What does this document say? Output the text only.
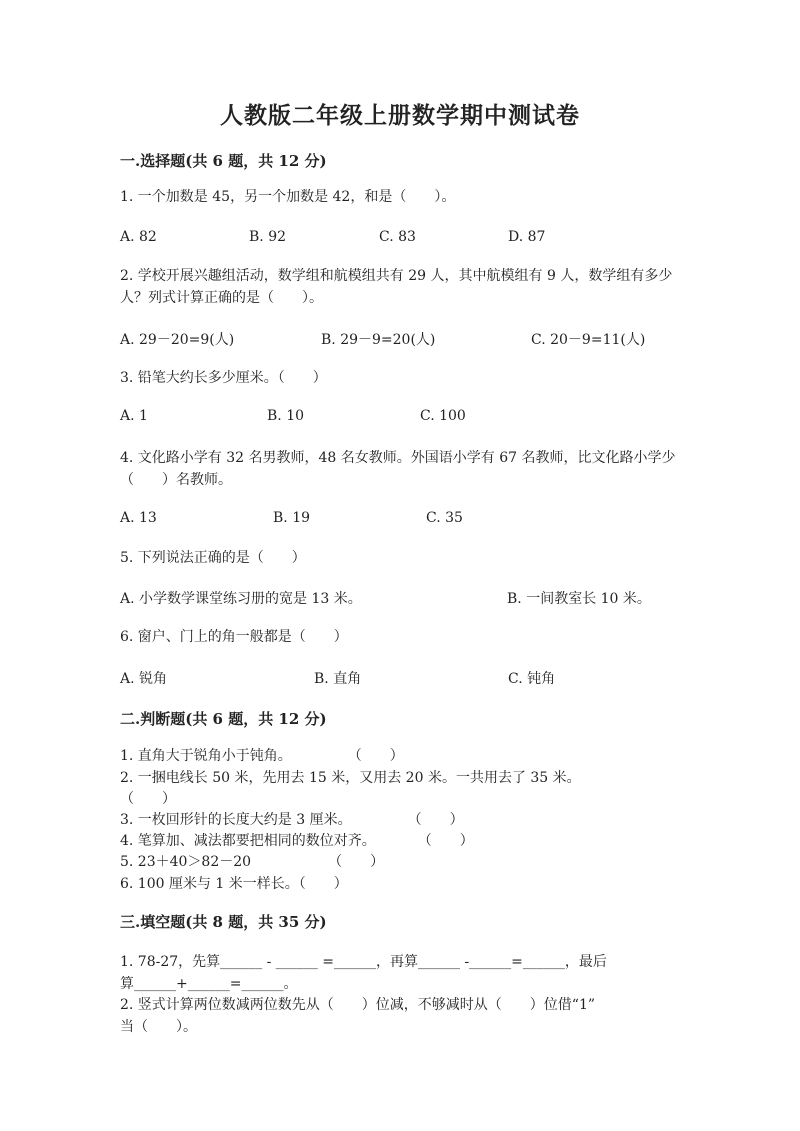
人教版二年级上册数学期中测试卷
一.选择题(共 6 题，共 12 分)
1. 一个加数是 45，另一个加数是 42，和是（　　）。
A. 82	B. 92	C. 83	D. 87
2. 学校开展兴趣组活动，数学组和航模组共有 29 人，其中航模组有 9 人，数学组有多少人？列式计算正确的是（　　）。
A. 29－20=9(人)	B. 29－9=20(人)	C. 20－9=11(人)
3. 铅笔大约长多少厘米。（　　）
A. 1	B. 10	C. 100
4. 文化路小学有 32 名男教师，48 名女教师。外国语小学有 67 名教师，比文化路小学少（　　）名教师。
A. 13	B. 19	C. 35
5. 下列说法正确的是（　　）
A. 小学数学课堂练习册的宽是 13 米。	B. 一间教室长 10 米。
6. 窗户、门上的角一般都是（　　）
A. 锐角	B. 直角	C. 钝角
二.判断题(共 6 题，共 12 分)
1. 直角大于锐角小于钝角。　　　　　（　　）
2. 一捆电线长 50 米，先用去 15 米，又用去 20 米。一共用去了 35 米。
（　　）
3. 一枚回形针的长度大约是 3 厘米。　　　　　（　　）
4. 笔算加、减法都要把相同的数位对齐。　　　　（　　）
5. 23＋40＞82－20　　　　　　（　　）
6. 100 厘米与 1 米一样长。（　　）
三.填空题(共 8 题，共 35 分)
1. 78-27，先算______ - ______ =______，再算______ -______=______，最后
算______+______=______。
2. 竖式计算两位数减两位数先从（　　）位减，不够减时从（　　）位借“1”
当（　　）。
